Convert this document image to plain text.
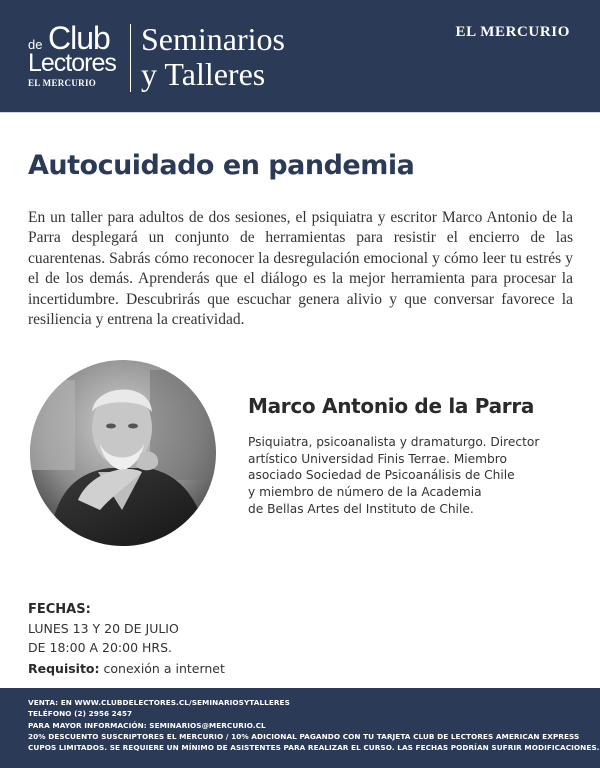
de Club
Lectores
EL MERCURIO
Seminarios
y Talleres
EL MERCURIO
Autocuidado en pandemia

En un taller para adultos de dos sesiones, el psiquiatra y escritor Marco Antonio de la Parra desplegará un conjunto de herramientas para resistir el encierro de las cuarentenas. Sabrás cómo reconocer la desregulación emocional y cómo leer tu estrés y el de los demás. Aprenderás que el diálogo es la mejor herramienta para procesar la incertidumbre. Descubrirás que escuchar genera alivio y que conversar favorece la resiliencia y entrena la creatividad.

Marco Antonio de la Parra
Psiquiatra, psicoanalista y dramaturgo. Director
artístico Universidad Finis Terrae. Miembro
asociado Sociedad de Psicoanálisis de Chile
y miembro de número de la Academia
de Bellas Artes del Instituto de Chile.
FECHAS:
LUNES 13 Y 20 DE JULIO
DE 18:00 A 20:00 HRS.
Requisito: conexión a internet
VENTA: EN WWW.CLUBDELECTORES.CL/SEMINARIOSYTALLERES
TELÉFONO (2) 2956 2457
PARA MAYOR INFORMACIÓN: SEMINARIOS@MERCURIO.CL
20% DESCUENTO SUSCRIPTORES EL MERCURIO / 10% ADICIONAL PAGANDO CON TU TARJETA CLUB DE LECTORES AMERICAN EXPRESS
CUPOS LIMITADOS. SE REQUIERE UN MÍNIMO DE ASISTENTES PARA REALIZAR EL CURSO. LAS FECHAS PODRÍAN SUFRIR MODIFICACIONES.
